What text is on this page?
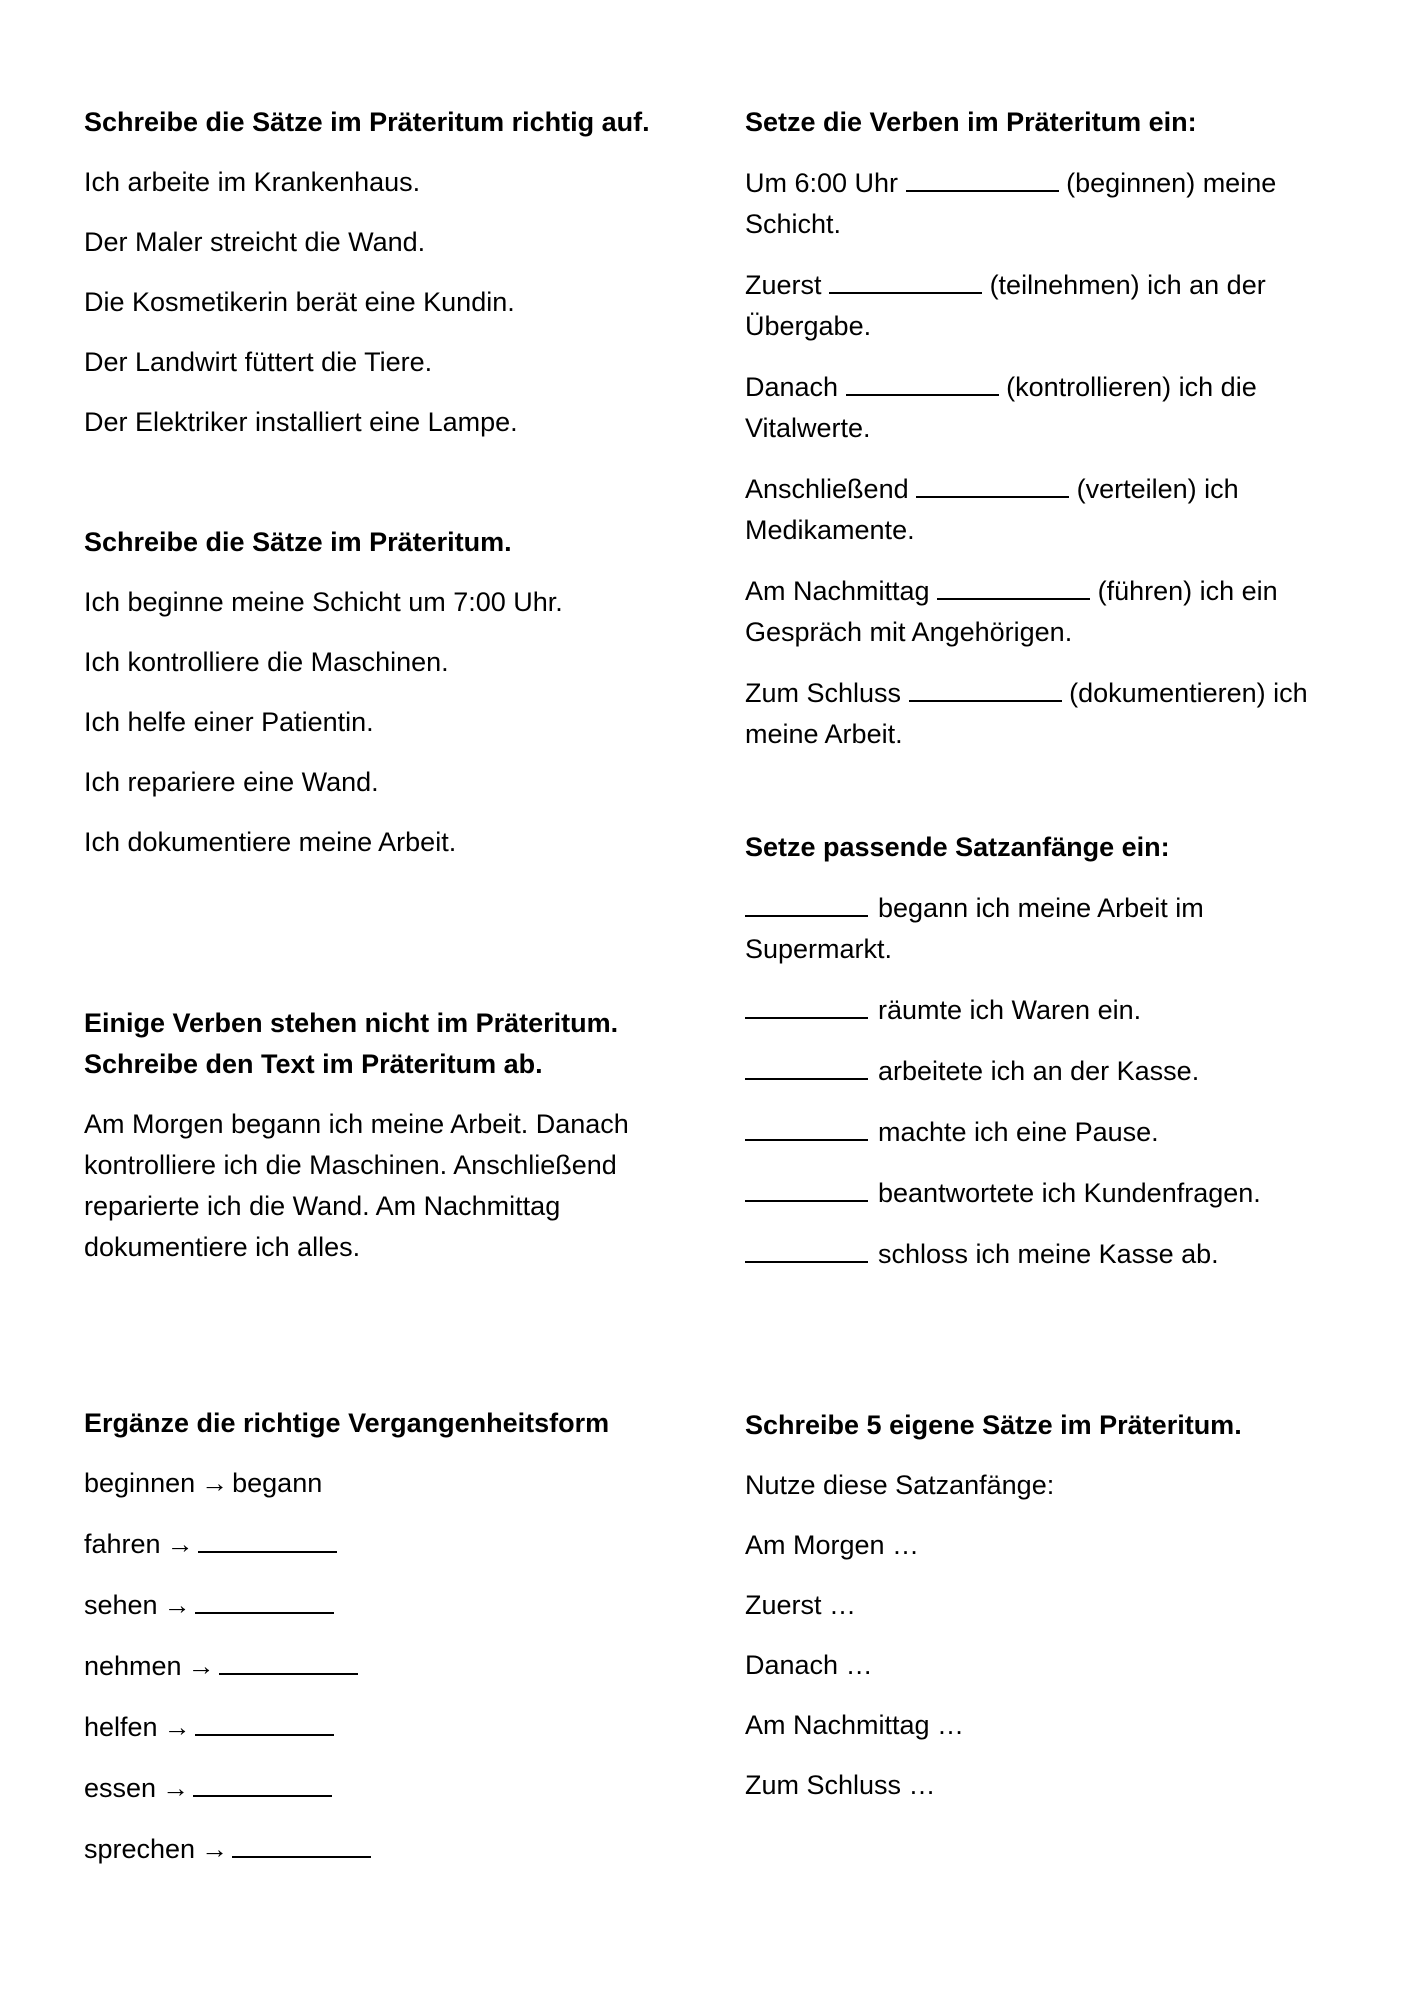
Schreibe die Sätze im Präteritum richtig auf.

Ich arbeite im Krankenhaus.

Der Maler streicht die Wand.

Die Kosmetikerin berät eine Kundin.

Der Landwirt füttert die Tiere.

Der Elektriker installiert eine Lampe.

Schreibe die Sätze im Präteritum.

Ich beginne meine Schicht um 7:00 Uhr.

Ich kontrolliere die Maschinen.

Ich helfe einer Patientin.

Ich repariere eine Wand.

Ich dokumentiere meine Arbeit.

Einige Verben stehen nicht im Präteritum.

Schreibe den Text im Präteritum ab.

Am Morgen begann ich meine Arbeit. Danach kontrolliere ich die Maschinen. Anschließend reparierte ich die Wand. Am Nachmittag dokumentiere ich alles.

Ergänze die richtige Vergangenheitsform

beginnen → begann

fahren →

sehen →

nehmen →

helfen →

essen →

sprechen →

Setze die Verben im Präteritum ein:

Um 6:00 Uhr	(beginnen) meine Schicht.

Zuerst	(teilnehmen) ich an der Übergabe.

Danach	(kontrollieren) ich die Vitalwerte.

Anschließend	(verteilen) ich Medikamente.

Am Nachmittag	(führen) ich ein Gespräch mit Angehörigen.

Zum Schluss	(dokumentieren) ich meine Arbeit.

Setze passende Satzanfänge ein:

begann ich meine Arbeit im Supermarkt.

räumte ich Waren ein.

arbeitete ich an der Kasse.

machte ich eine Pause.

beantwortete ich Kundenfragen.

schloss ich meine Kasse ab.

Schreibe 5 eigene Sätze im Präteritum.

Nutze diese Satzanfänge:

Am Morgen …

Zuerst …

Danach …

Am Nachmittag …

Zum Schluss …
